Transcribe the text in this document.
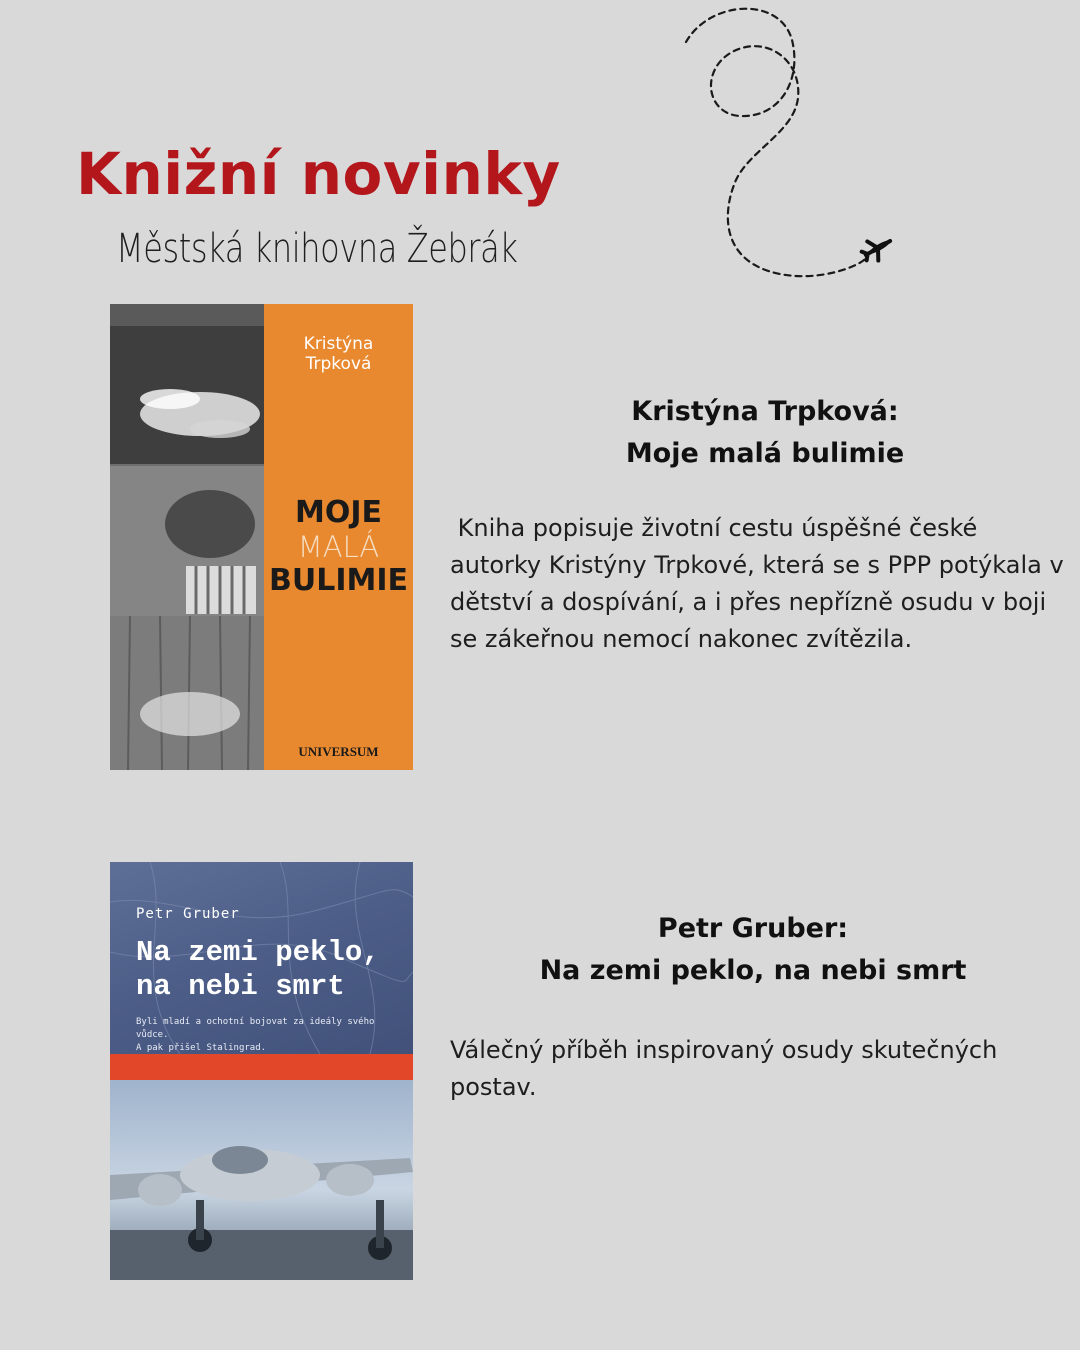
Knižní novinky
Městská knihovna Žebrák
Kristýna
Trpková
MOJE
MALÁ
BULIMIE
UNIVERSUM
Kristýna Trpková:
Moje malá bulimie

Kniha popisuje životní cestu úspěšné české
autorky Kristýny Trpkové, která se s PPP potýkala v
dětství a dospívání, a i přes nepřízně osudu v boji
se zákeřnou nemocí nakonec zvítězila.

Petr Gruber
Na zemi peklo,
na nebi smrt
Byli mladí a ochotní bojovat za ideály svého vůdce.
A pak přišel Stalingrad.
Petr Gruber:
Na zemi peklo, na nebi smrt

Válečný příběh inspirovaný osudy skutečných
postav.
